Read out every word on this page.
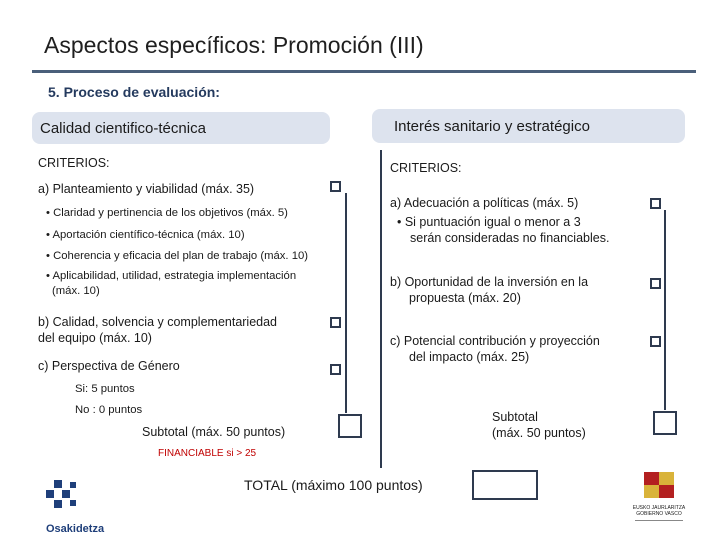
Aspectos específicos: Promoción (III)
5. Proceso de evaluación:
Calidad cientifico-técnica
CRITERIOS:
a) Planteamiento y viabilidad (máx. 35)
• Claridad y pertinencia de los objetivos (máx. 5)
• Aportación científico-técnica (máx. 10)
• Coherencia y eficacia del plan de trabajo (máx. 10)
• Aplicabilidad, utilidad, estrategia implementación
(máx. 10)
b) Calidad, solvencia y complementariedad
del equipo (máx. 10)
c) Perspectiva de Género
Si: 5 puntos
No : 0 puntos
Subtotal (máx. 50 puntos)
Interés sanitario y estratégico
CRITERIOS:
a) Adecuación a políticas (máx. 5)
• Si puntuación igual o menor a 3
serán consideradas no financiables.
b) Oportunidad de la inversión en la
propuesta (máx. 20)
c) Potencial contribución y proyección
del impacto (máx. 25)
Subtotal
(máx. 50 puntos)
FINANCIABLE si > 25
TOTAL (máximo 100 puntos)
Osakidetza
EUSKO JAURLARITZA GOBIERNO VASCO
